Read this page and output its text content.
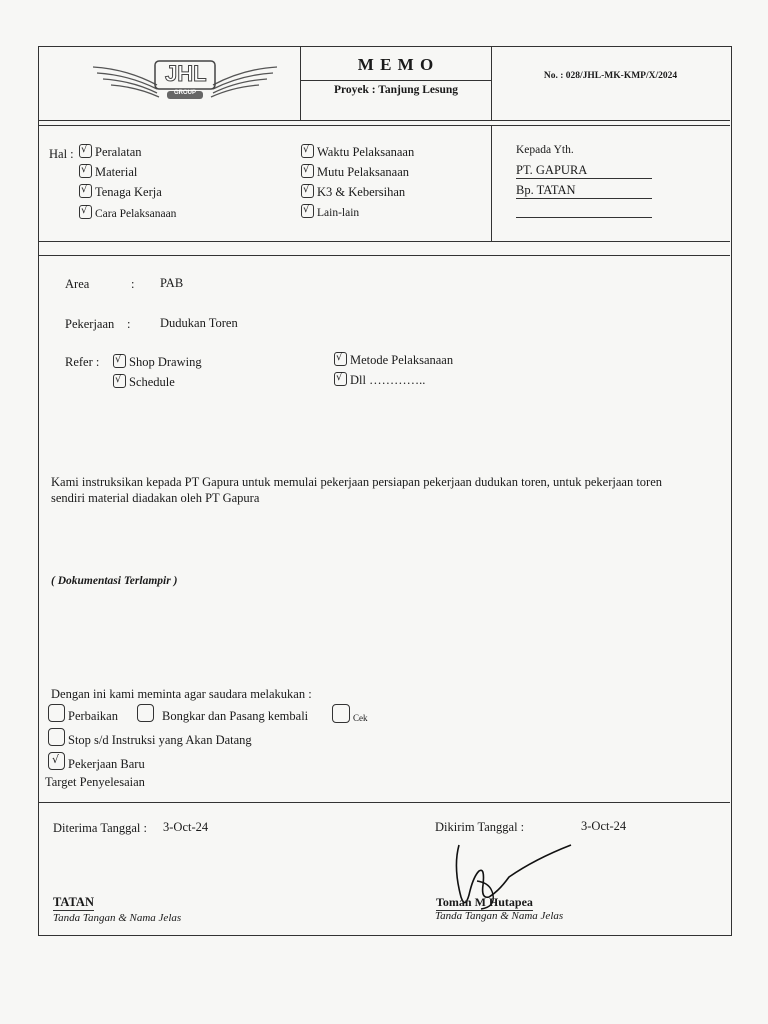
JHL
GROUP
M E M O
Proyek : Tanjung Lesung
No. : 028/JHL-MK-KMP/X/2024
Hal : √ Peralatan
√ Material
√ Tenaga Kerja
√ Cara Pelaksanaan
√ Waktu Pelaksanaan
√ Mutu Pelaksanaan
√ K3 & Kebersihan
√ Lain-lain
Kepada Yth.
PT. GAPURA
Bp. TATAN
Area	: PAB
Pekerjaan : Dudukan Toren
Refer : √ Shop Drawing
√ Schedule
√ Metode Pelaksanaan
√ Dll …………..
Kami instruksikan kepada PT Gapura untuk memulai pekerjaan persiapan pekerjaan dudukan toren, untuk pekerjaan toren
sendiri material diadakan oleh PT Gapura
( Dokumentasi Terlampir )
Dengan ini kami meminta agar saudara melakukan :
Perbaikan	Bongkar dan Pasang kembali	Cek
Stop s/d Instruksi yang Akan Datang
√ Pekerjaan Baru
Target Penyelesaian
Diterima Tanggal : 3-Oct-24	Dikirim Tanggal :	3-Oct-24
TATAN
Tanda Tangan & Nama Jelas
Toman M Hutapea
Tanda Tangan & Nama Jelas
